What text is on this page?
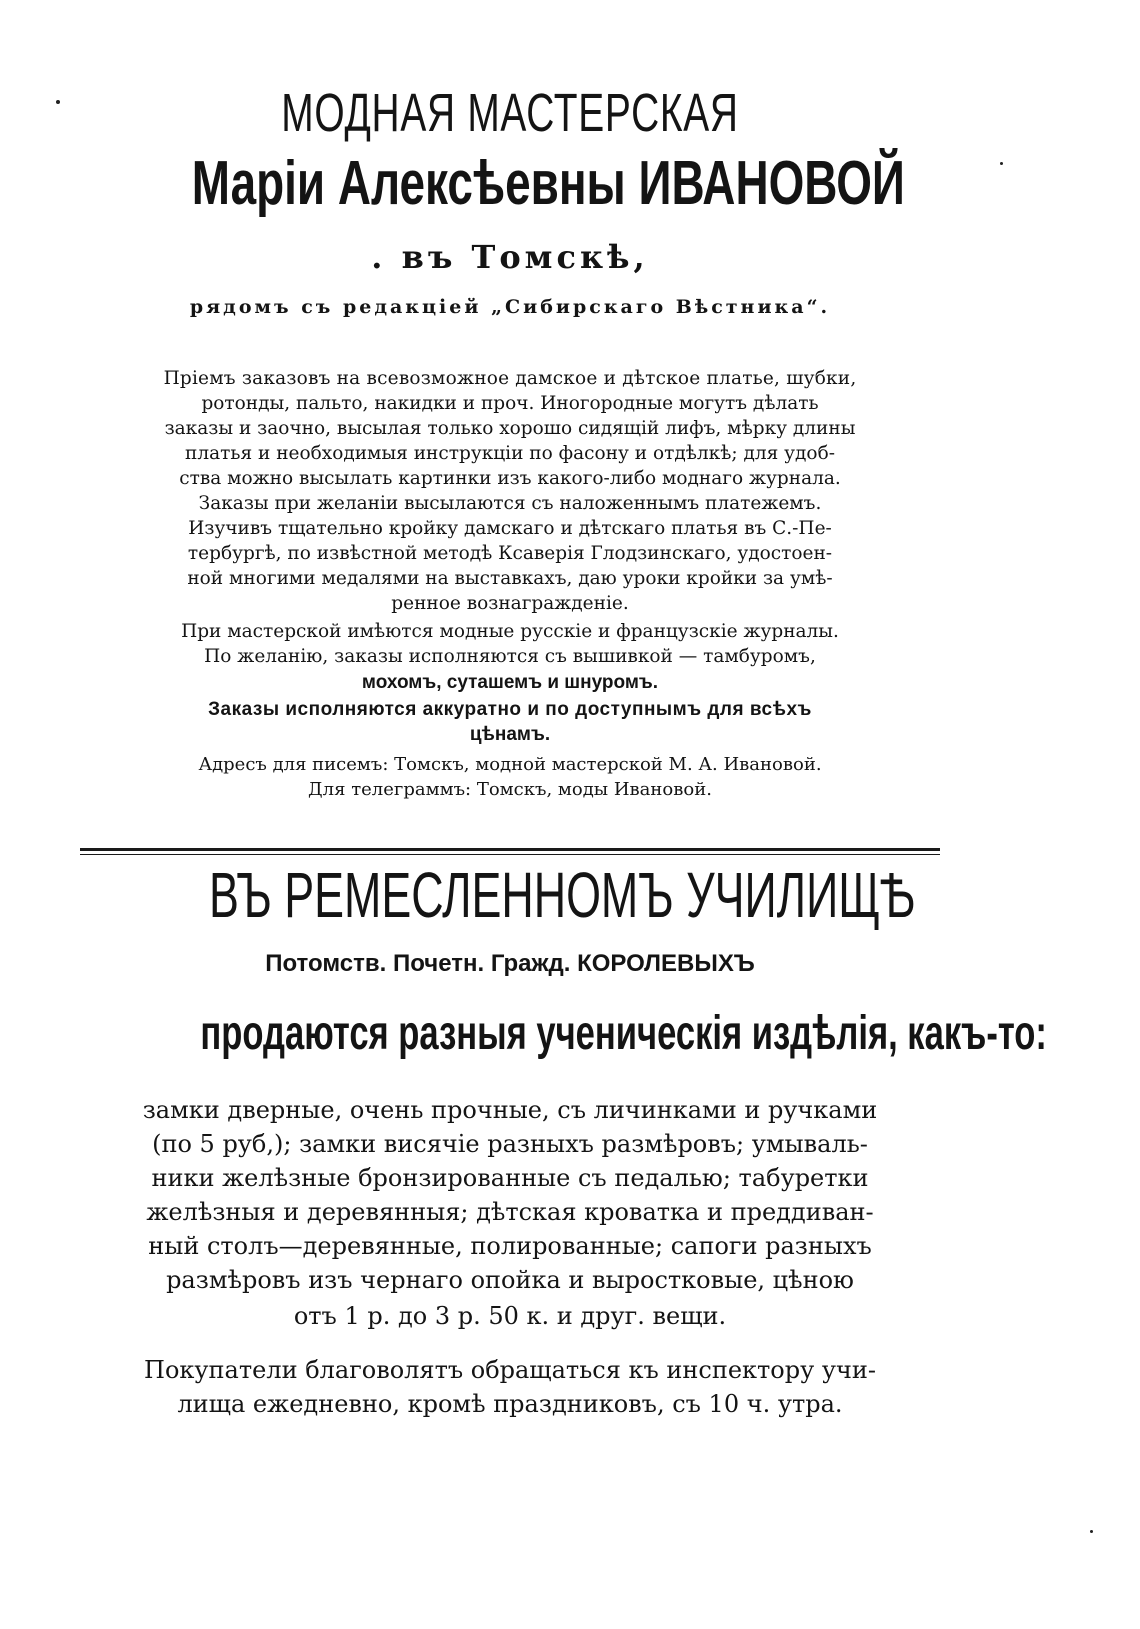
МОДНАЯ МАСТЕРСКАЯ
Марiи Алексѣевны ИВАНОВОЙ
. въ Томскѣ,
рядомъ съ редакцiей „Сибирскаго Вѣстника“.
Прiемъ заказовъ на всевозможное дамское и дѣтское платье, шубки,
ротонды, пальто, накидки и проч. Иногородные могутъ дѣлать
заказы и заочно, высылая только хорошо сидящiй лифъ, мѣрку длины
платья и необходимыя инструкцiи по фасону и отдѣлкѣ; для удоб-
ства можно высылать картинки изъ какого-либо моднаго журнала.
Заказы при желанiи высылаются съ наложеннымъ платежемъ.
Изучивъ тщательно кройку дамскаго и дѣтскаго платья въ С.-Пе-
тербургѣ, по извѣстной методѣ Ксаверiя Глодзинскаго, удостоен-
ной многими медалями на выставкахъ, даю уроки кройки за умѣ-
ренное вознагражденiе.
При мастерской имѣются модные русскiе и французскiе журналы.
По желанiю, заказы исполняются съ вышивкой — тамбуромъ,
мохомъ, суташемъ и шнуромъ.
Заказы исполняются аккуратно и по доступнымъ для всѣхъ
цѣнамъ.
Адресъ для писемъ: Томскъ, модной мастерской М. А. Ивановой.
Для телеграммъ: Томскъ, моды Ивановой.
ВЪ РЕМЕСЛЕННОМЪ УЧИЛИЩѢ
Потомств. Почетн. Гражд. КОРОЛЕВЫХЪ
продаются разныя ученическiя издѣлiя, какъ-то:
замки дверные, очень прочные, съ личинками и ручками
(по 5 руб,); замки висячiе разныхъ размѣровъ; умываль-
ники желѣзные бронзированные съ педалью; табуретки
желѣзныя и деревянныя; дѣтская кроватка и преддиван-
ный столъ—деревянные, полированные; сапоги разныхъ
размѣровъ изъ чернаго опойка и выростковые, цѣною
отъ 1 р. до 3 р. 50 к. и друг. вещи.
Покупатели благоволятъ обращаться къ инспектору учи-
лища ежедневно, кромѣ праздниковъ, съ 10 ч. утра.
